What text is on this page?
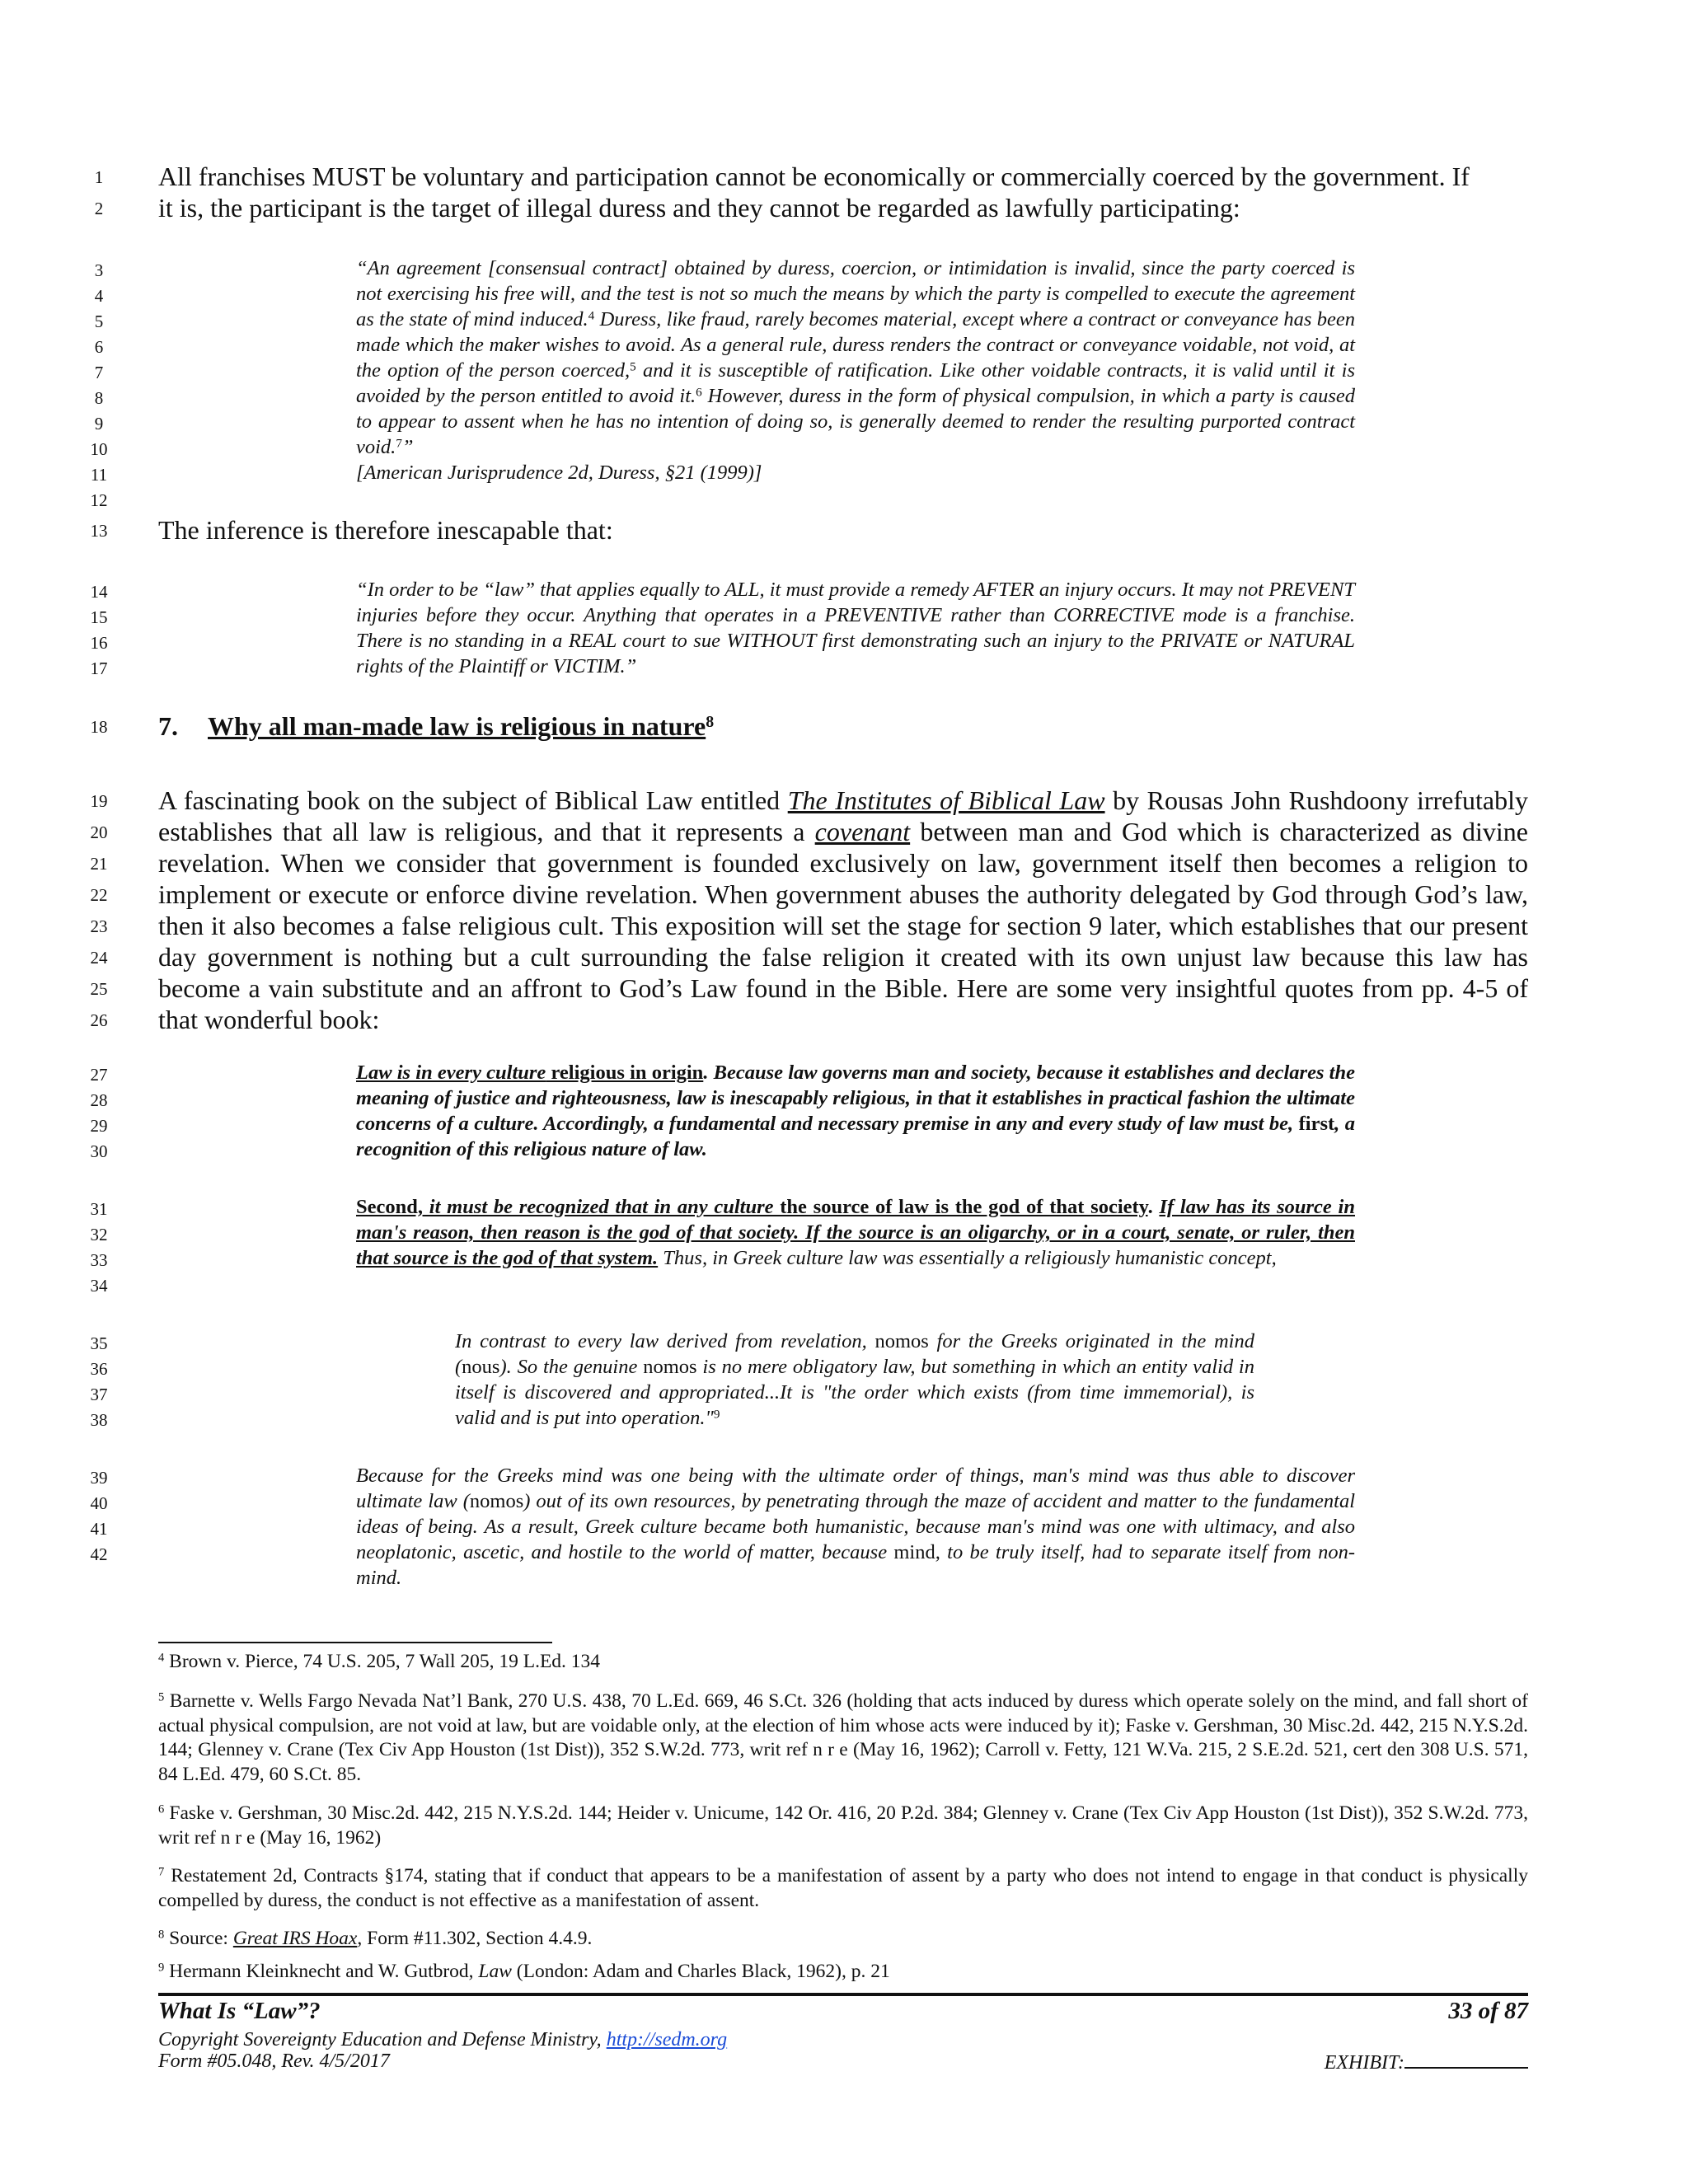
1
2
3
4
5
6
7
8
9
10
11
12
13
14
15
16
17
18
19
20
21
22
23
24
25
26
27
28
29
30
31
32
33
34
35
36
37
38
39
40
41
42

All franchises MUST be voluntary and participation cannot be economically or commercially coerced by the government. If

it is, the participant is the target of illegal duress and they cannot be regarded as lawfully participating:

“An agreement [consensual contract] obtained by duress, coercion, or intimidation is invalid, since the party coerced is not exercising his free will, and the test is not so much the means by which the party is compelled to execute the agreement as the state of mind induced.$^4$ Duress, like fraud, rarely becomes material, except where a contract or conveyance has been made which the maker wishes to avoid. As a general rule, duress renders the contract or conveyance voidable, not void, at the option of the person coerced,$^5$ and it is susceptible of ratification. Like other voidable contracts, it is valid until it is avoided by the person entitled to avoid it.$^6$ However, duress in the form of physical compulsion, in which a party is caused to appear to assent when he has no intention of doing so, is generally deemed to render the resulting purported contract void.$^7$”
[American Jurisprudence 2d, Duress, §21 (1999)]

The inference is therefore inescapable that:

“In order to be “law” that applies equally to ALL, it must provide a remedy AFTER an injury occurs. It may not PREVENT injuries before they occur. Anything that operates in a PREVENTIVE rather than CORRECTIVE mode is a franchise. There is no standing in a REAL court to sue WITHOUT first demonstrating such an injury to the PRIVATE or NATURAL rights of the Plaintiff or VICTIM.”

7. Why all man-made law is religious in nature$^8$

A fascinating book on the subject of Biblical Law entitled The Institutes of Biblical Law by Rousas John Rushdoony irrefutably establishes that all law is religious, and that it represents a covenant between man and God which is characterized as divine revelation. When we consider that government is founded exclusively on law, government itself then becomes a religion to implement or execute or enforce divine revelation. When government abuses the authority delegated by God through God’s law, then it also becomes a false religious cult. This exposition will set the stage for section 9 later, which establishes that our present day government is nothing but a cult surrounding the false religion it created with its own unjust law because this law has become a vain substitute and an affront to God’s Law found in the Bible. Here are some very insightful quotes from pp. 4-5 of that wonderful book:

Law is in every culture religious in origin. Because law governs man and society, because it establishes and declares the meaning of justice and righteousness, law is inescapably religious, in that it establishes in practical fashion the ultimate concerns of a culture. Accordingly, a fundamental and necessary premise in any and every study of law must be, first, a recognition of this religious nature of law.

Second, it must be recognized that in any culture the source of law is the god of that society. If law has its source in man's reason, then reason is the god of that society. If the source is an oligarchy, or in a court, senate, or ruler, then that source is the god of that system. Thus, in Greek culture law was essentially a religiously humanistic concept,

In contrast to every law derived from revelation, nomos for the Greeks originated in the mind (nous). So the genuine nomos is no mere obligatory law, but something in which an entity valid in itself is discovered and appropriated...It is "the order which exists (from time immemorial), is valid and is put into operation."$^9$

Because for the Greeks mind was one being with the ultimate order of things, man's mind was thus able to discover ultimate law (nomos) out of its own resources, by penetrating through the maze of accident and matter to the fundamental ideas of being. As a result, Greek culture became both humanistic, because man's mind was one with ultimacy, and also neoplatonic, ascetic, and hostile to the world of matter, because mind, to be truly itself, had to separate itself from non-mind.

$^4$ Brown v. Pierce, 74 U.S. 205, 7 Wall 205, 19 L.Ed. 134

$^5$ Barnette v. Wells Fargo Nevada Nat’l Bank, 270 U.S. 438, 70 L.Ed. 669, 46 S.Ct. 326 (holding that acts induced by duress which operate solely on the mind, and fall short of actual physical compulsion, are not void at law, but are voidable only, at the election of him whose acts were induced by it); Faske v. Gershman, 30 Misc.2d. 442, 215 N.Y.S.2d. 144; Glenney v. Crane (Tex Civ App Houston (1st Dist)), 352 S.W.2d. 773, writ ref n r e (May 16, 1962); Carroll v. Fetty, 121 W.Va. 215, 2 S.E.2d. 521, cert den 308 U.S. 571, 84 L.Ed. 479, 60 S.Ct. 85.

$^6$ Faske v. Gershman, 30 Misc.2d. 442, 215 N.Y.S.2d. 144; Heider v. Unicume, 142 Or. 416, 20 P.2d. 384; Glenney v. Crane (Tex Civ App Houston (1st Dist)), 352 S.W.2d. 773, writ ref n r e (May 16, 1962)

$^7$ Restatement 2d, Contracts §174, stating that if conduct that appears to be a manifestation of assent by a party who does not intend to engage in that conduct is physically compelled by duress, the conduct is not effective as a manifestation of assent.

$^8$ Source: Great IRS Hoax, Form #11.302, Section 4.4.9.

$^9$ Hermann Kleinknecht and W. Gutbrod, Law (London: Adam and Charles Black, 1962), p. 21

What Is “Law”?	33 of 87

Copyright Sovereignty Education and Defense Ministry, http://sedm.org

Form #05.048, Rev. 4/5/2017	EXHIBIT:
